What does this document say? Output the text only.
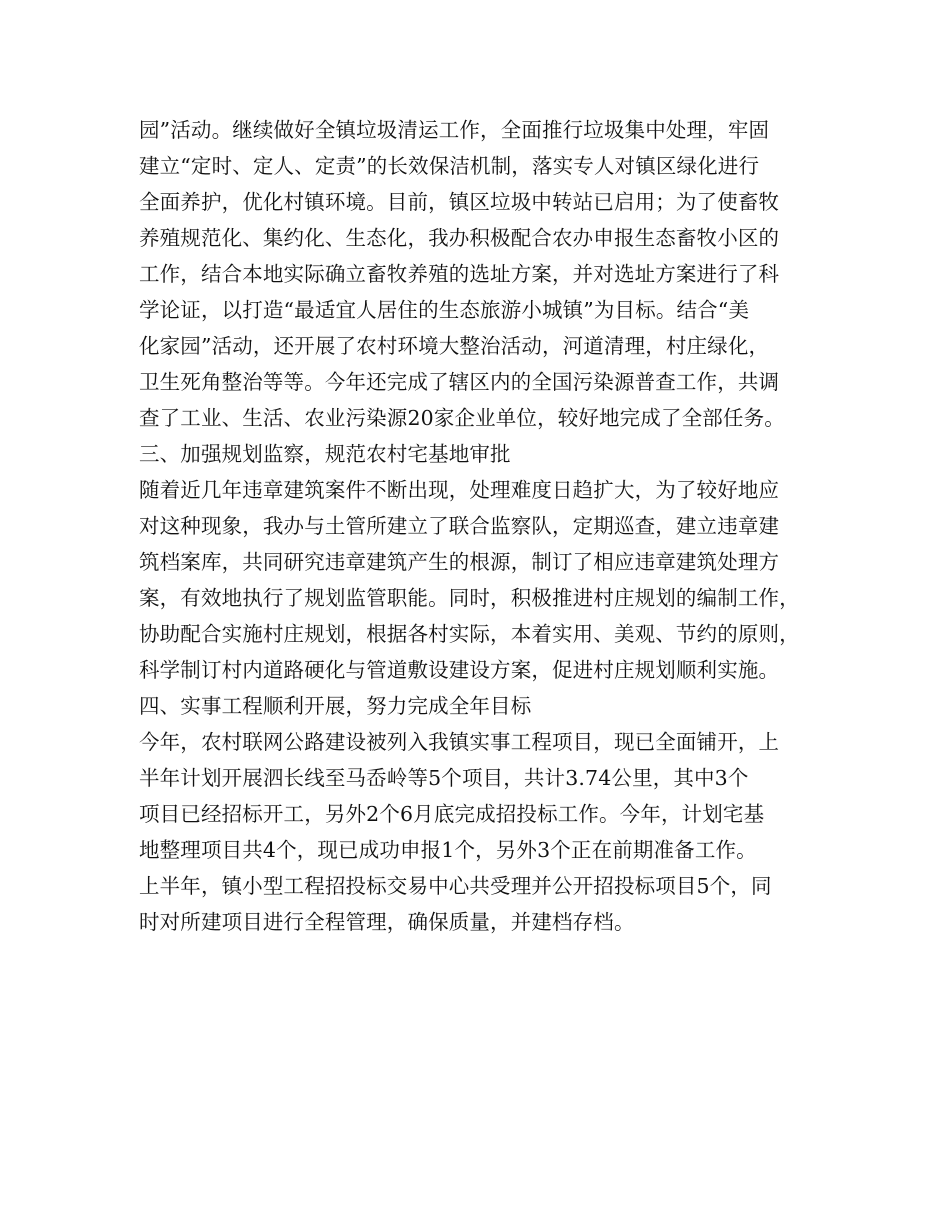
园”活动。继续做好全镇垃圾清运工作，全面推行垃圾集中处理，牢固
建立“定时、定人、定责”的长效保洁机制，落实专人对镇区绿化进行
全面养护，优化村镇环境。目前，镇区垃圾中转站已启用；为了使畜牧
养殖规范化、集约化、生态化，我办积极配合农办申报生态畜牧小区的
工作，结合本地实际确立畜牧养殖的选址方案，并对选址方案进行了科
学论证，以打造“最适宜人居住的生态旅游小城镇”为目标。结合“美
化家园”活动，还开展了农村环境大整治活动，河道清理，村庄绿化，
卫生死角整治等等。今年还完成了辖区内的全国污染源普查工作，共调
查了工业、生活、农业污染源20家企业单位，较好地完成了全部任务。
三、加强规划监察，规范农村宅基地审批
随着近几年违章建筑案件不断出现，处理难度日趋扩大，为了较好地应
对这种现象，我办与土管所建立了联合监察队，定期巡查，建立违章建
筑档案库，共同研究违章建筑产生的根源，制订了相应违章建筑处理方
案，有效地执行了规划监管职能。同时，积极推进村庄规划的编制工作，
协助配合实施村庄规划，根据各村实际，本着实用、美观、节约的原则，
科学制订村内道路硬化与管道敷设建设方案，促进村庄规划顺利实施。
四、实事工程顺利开展，努力完成全年目标
今年，农村联网公路建设被列入我镇实事工程项目，现已全面铺开，上
半年计划开展泗长线至马岙岭等5个项目，共计3.74公里，其中3个
项目已经招标开工，另外2个6月底完成招投标工作。今年，计划宅基
地整理项目共4个，现已成功申报1个，另外3个正在前期准备工作。
上半年，镇小型工程招投标交易中心共受理并公开招投标项目5个，同
时对所建项目进行全程管理，确保质量，并建档存档。
